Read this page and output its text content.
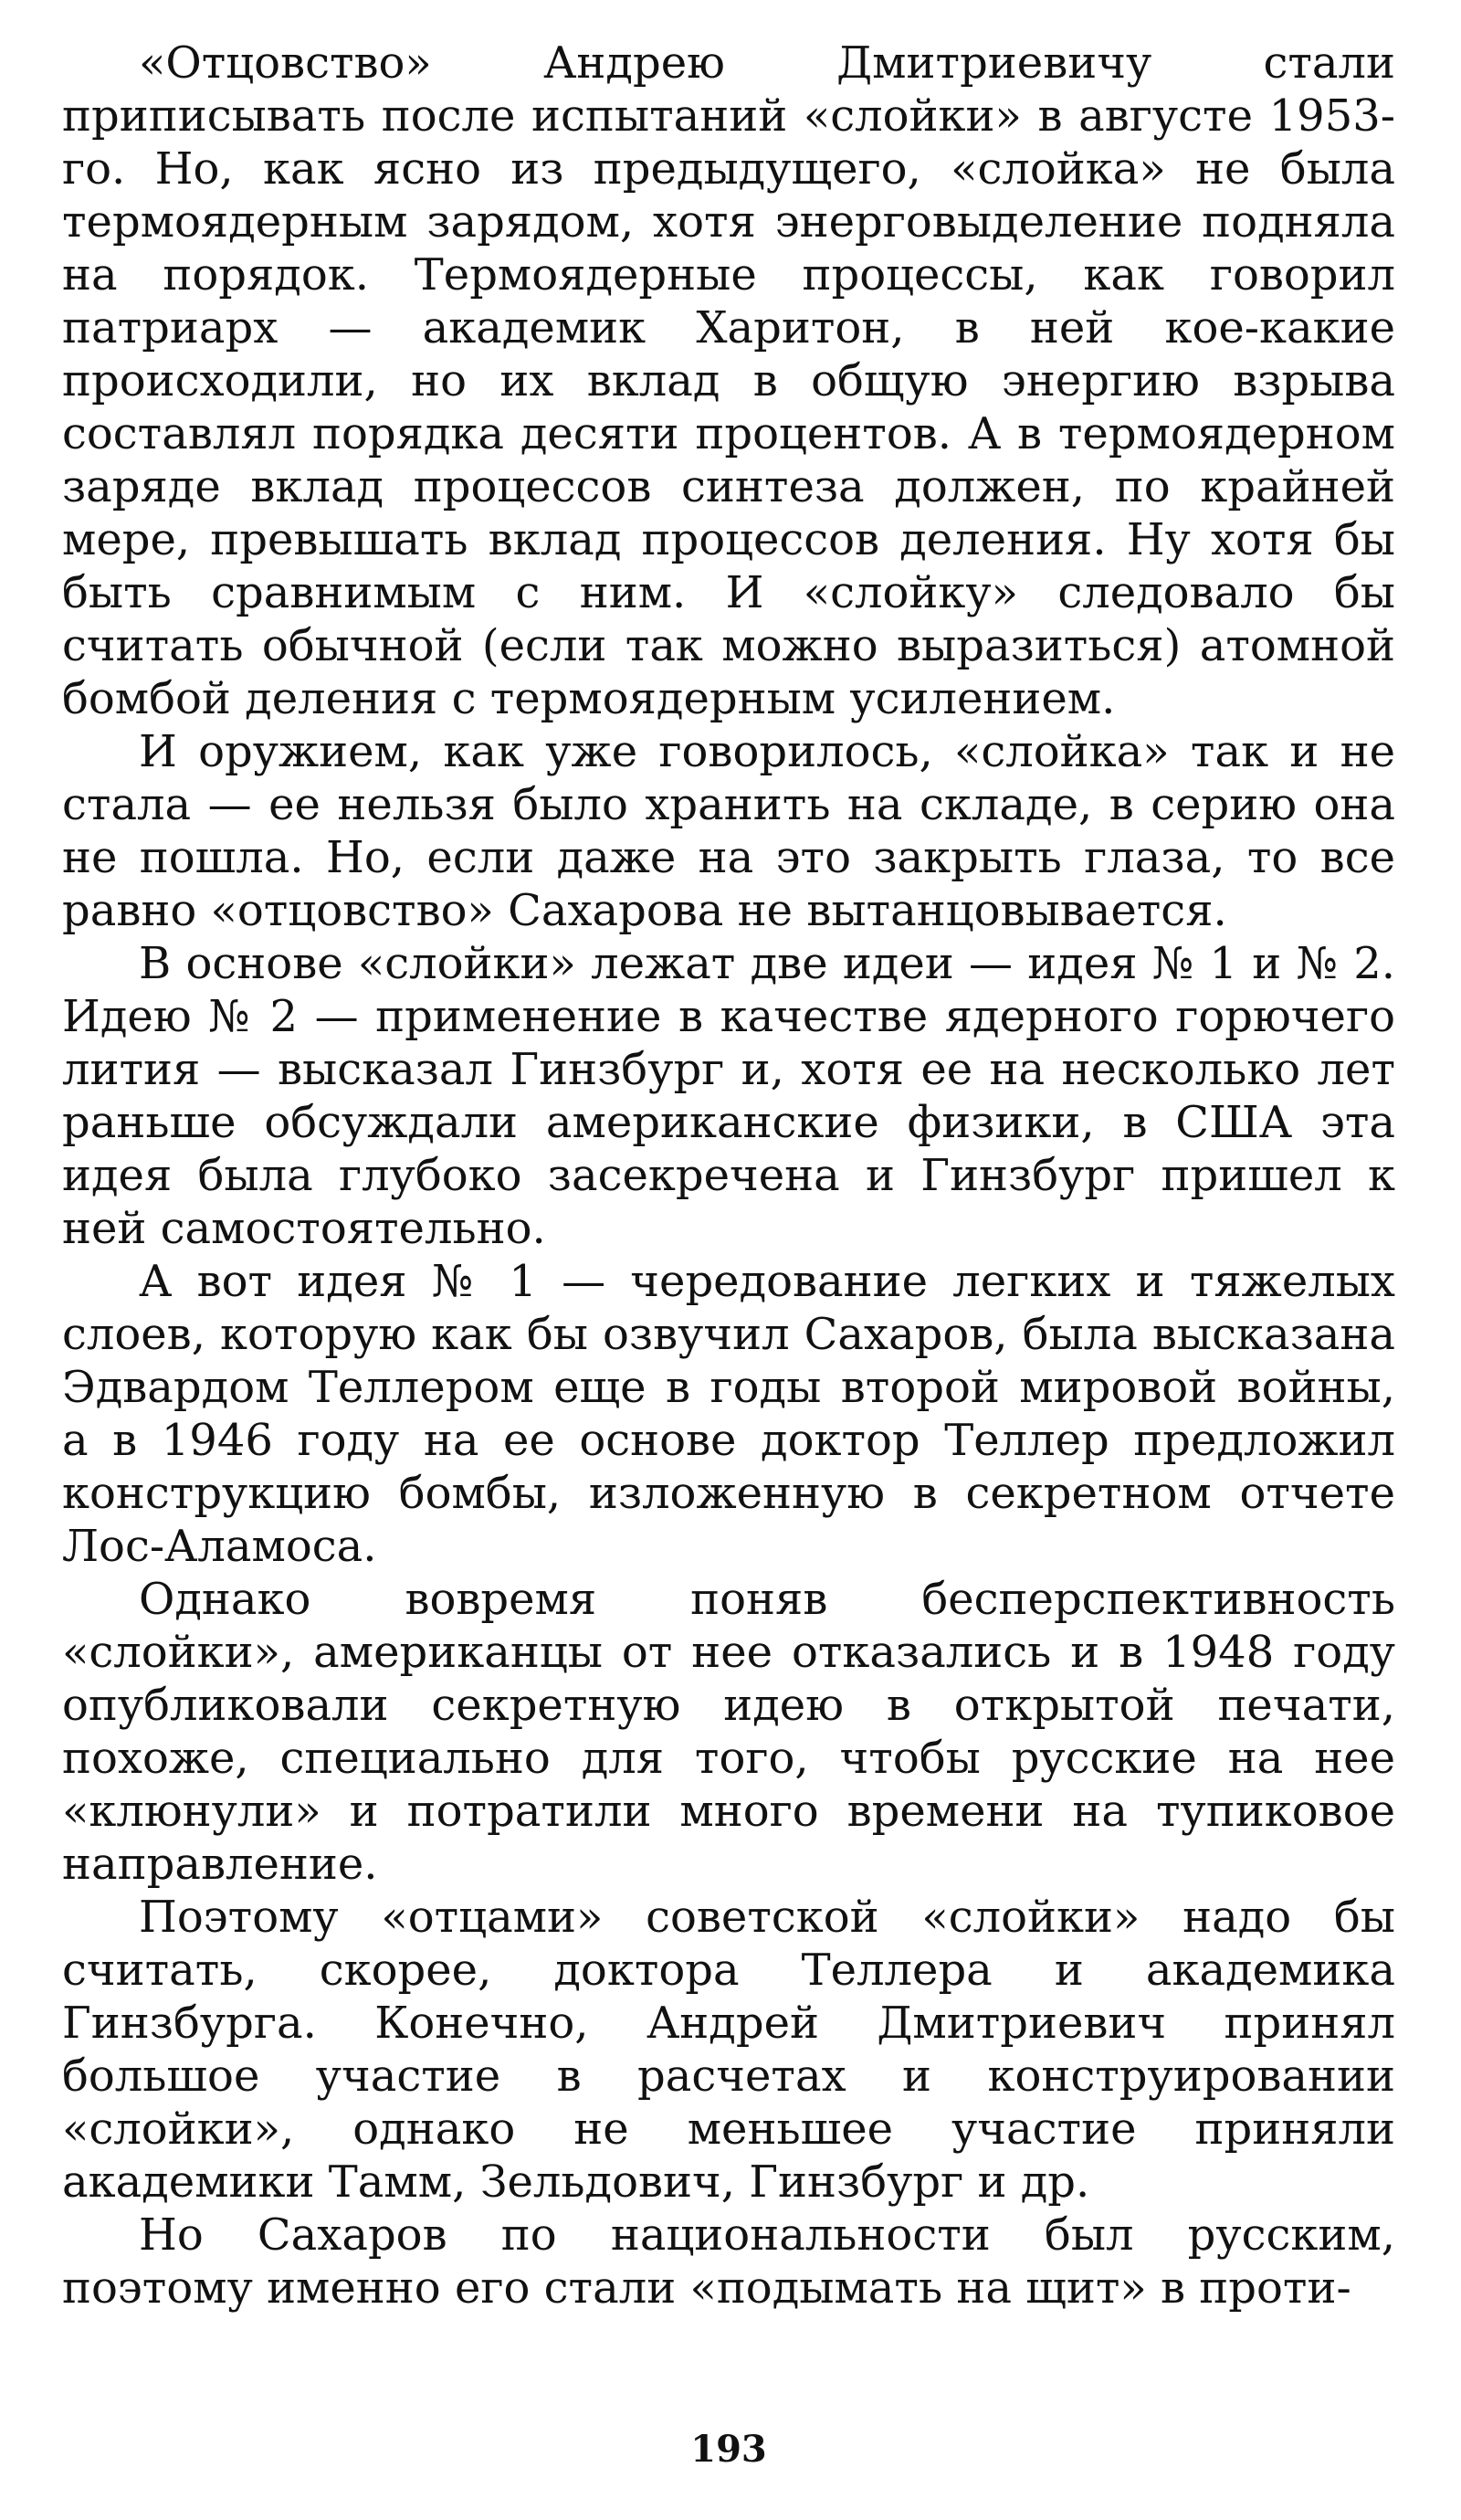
«Отцовство» Андрею Дмитриевичу стали приписывать после испытаний «слойки» в августе 1953-го. Но, как ясно из предыдущего, «слойка» не была термоядерным зарядом, хотя энерговыделение подняла на порядок. Термоядерные процессы, как говорил патриарх — академик Харитон, в ней кое-какие происходили, но их вклад в общую энергию взрыва составлял порядка десяти процентов. А в термоядерном заряде вклад процессов синтеза должен, по крайней мере, превышать вклад процессов деления. Ну хотя бы быть сравнимым с ним. И «слойку» следовало бы считать обычной (если так можно выразиться) атомной бомбой деления с термоядерным усилением.

И оружием, как уже говорилось, «слойка» так и не стала — ее нельзя было хранить на складе, в серию она не пошла. Но, если даже на это закрыть глаза, то все равно «отцовство» Сахарова не вытанцовывается.

В основе «слойки» лежат две идеи — идея № 1 и № 2. Идею № 2 — применение в качестве ядерного горючего лития — высказал Гинзбург и, хотя ее на несколько лет раньше обсуждали американские физики, в США эта идея была глубоко засекречена и Гинзбург пришел к ней самостоятельно.

А вот идея № 1 — чередование легких и тяжелых слоев, которую как бы озвучил Сахаров, была высказана Эдвардом Теллером еще в годы второй мировой войны, а в 1946 году на ее основе доктор Теллер предложил конструкцию бомбы, изложенную в секретном отчете Лос-Аламоса.

Однако вовремя поняв бесперспективность «слойки», американцы от нее отказались и в 1948 году опубликовали секретную идею в открытой печати, похоже, специально для того, чтобы русские на нее «клюнули» и потратили много времени на тупиковое направление.

Поэтому «отцами» советской «слойки» надо бы считать, скорее, доктора Теллера и академика Гинзбурга. Конечно, Андрей Дмитриевич принял большое участие в расчетах и конструировании «слойки», однако не меньшее участие приняли академики Тамм, Зельдович, Гинзбург и др.

Но Сахаров по национальности был русским, поэтому именно его стали «подымать на щит» в проти-

193
